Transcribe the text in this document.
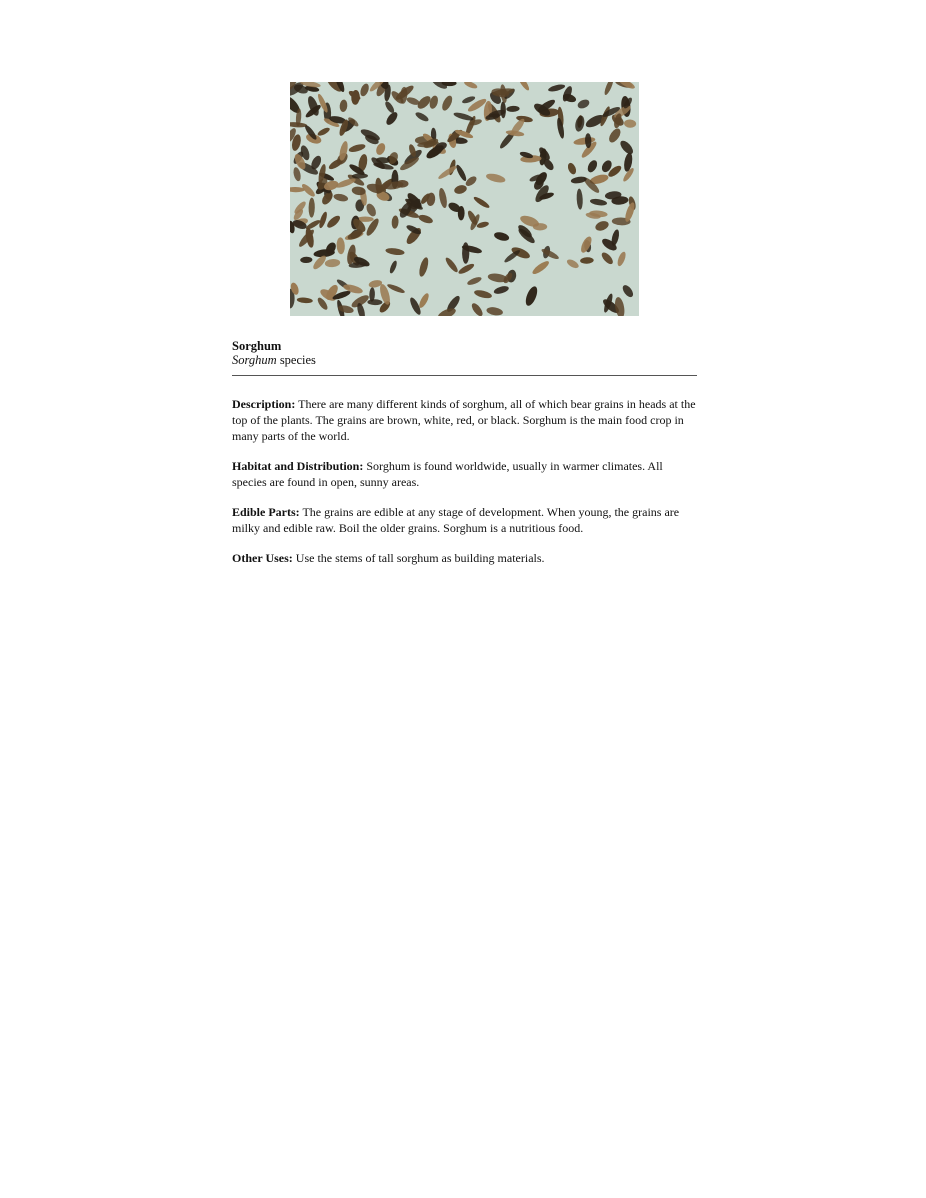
Sorghum

Sorghum species

Description: There are many different kinds of sorghum, all of which bear grains in heads at the top of the plants. The grains are brown, white, red, or black. Sorghum is the main food crop in many parts of the world.

Habitat and Distribution: Sorghum is found worldwide, usually in warmer climates. All species are found in open, sunny areas.

Edible Parts: The grains are edible at any stage of development. When young, the grains are milky and edible raw. Boil the older grains. Sorghum is a nutritious food.

Other Uses: Use the stems of tall sorghum as building materials.
